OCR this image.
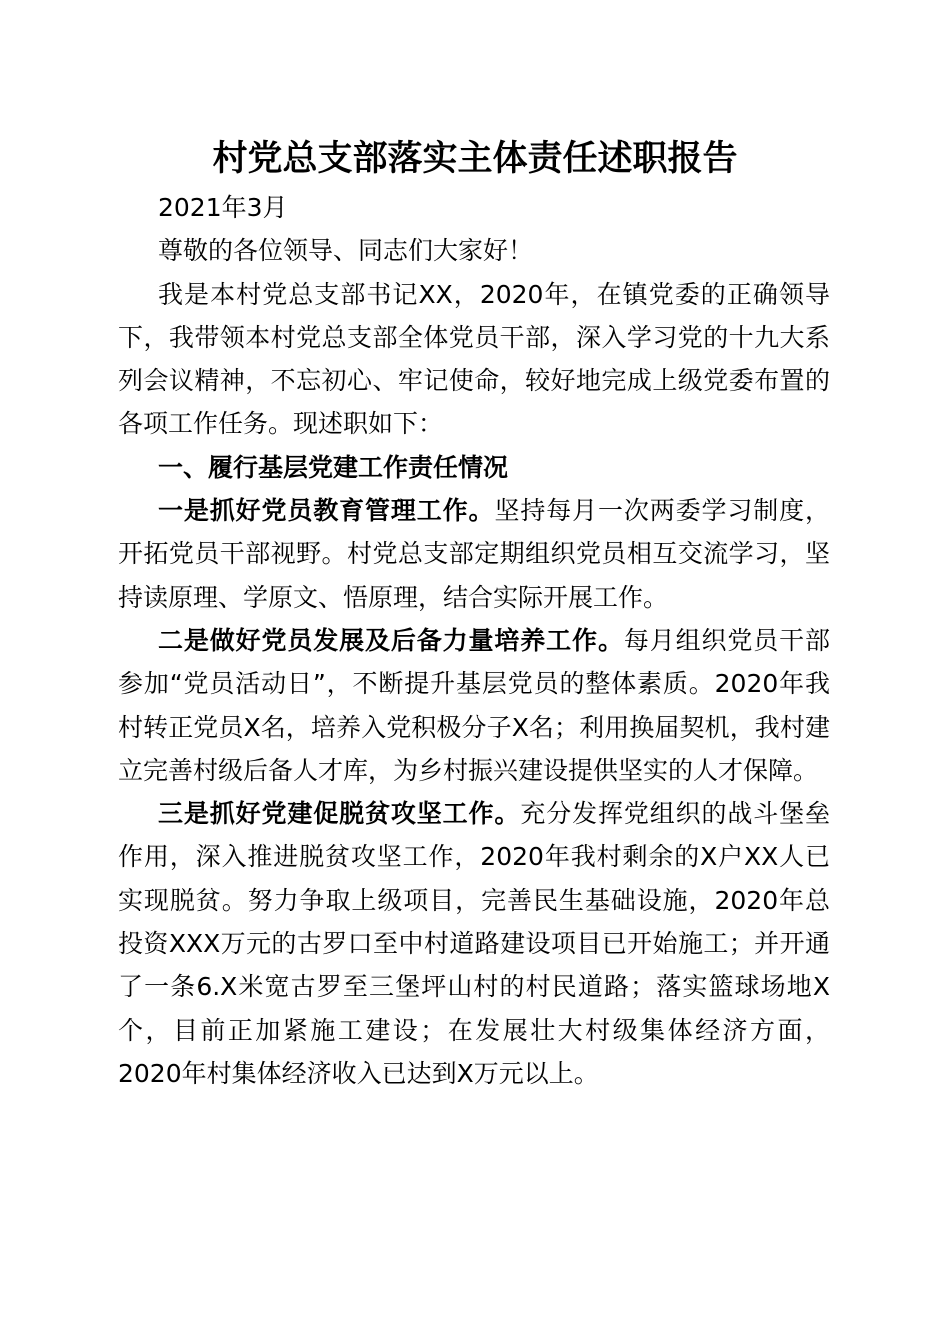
村党总支部落实主体责任述职报告

2021年3月

尊敬的各位领导、同志们大家好！

我是本村党总支部书记XX，2020年，在镇党委的正确领导下，我带领本村党总支部全体党员干部，深入学习党的十九大系列会议精神，不忘初心、牢记使命，较好地完成上级党委布置的各项工作任务。现述职如下：

一、履行基层党建工作责任情况

一是抓好党员教育管理工作。坚持每月一次两委学习制度，开拓党员干部视野。村党总支部定期组织党员相互交流学习，坚持读原理、学原文、悟原理，结合实际开展工作。

二是做好党员发展及后备力量培养工作。每月组织党员干部参加“党员活动日”，不断提升基层党员的整体素质。2020年我村转正党员X名，培养入党积极分子X名；利用换届契机，我村建立完善村级后备人才库，为乡村振兴建设提供坚实的人才保障。

三是抓好党建促脱贫攻坚工作。充分发挥党组织的战斗堡垒作用，深入推进脱贫攻坚工作，2020年我村剩余的X户XX人已实现脱贫。努力争取上级项目，完善民生基础设施，2020年总投资XXX万元的古罗口至中村道路建设项目已开始施工；并开通了一条6.X米宽古罗至三堡坪山村的村民道路；落实篮球场地X个，目前正加紧施工建设；在发展壮大村级集体经济方面，2020年村集体经济收入已达到X万元以上。
